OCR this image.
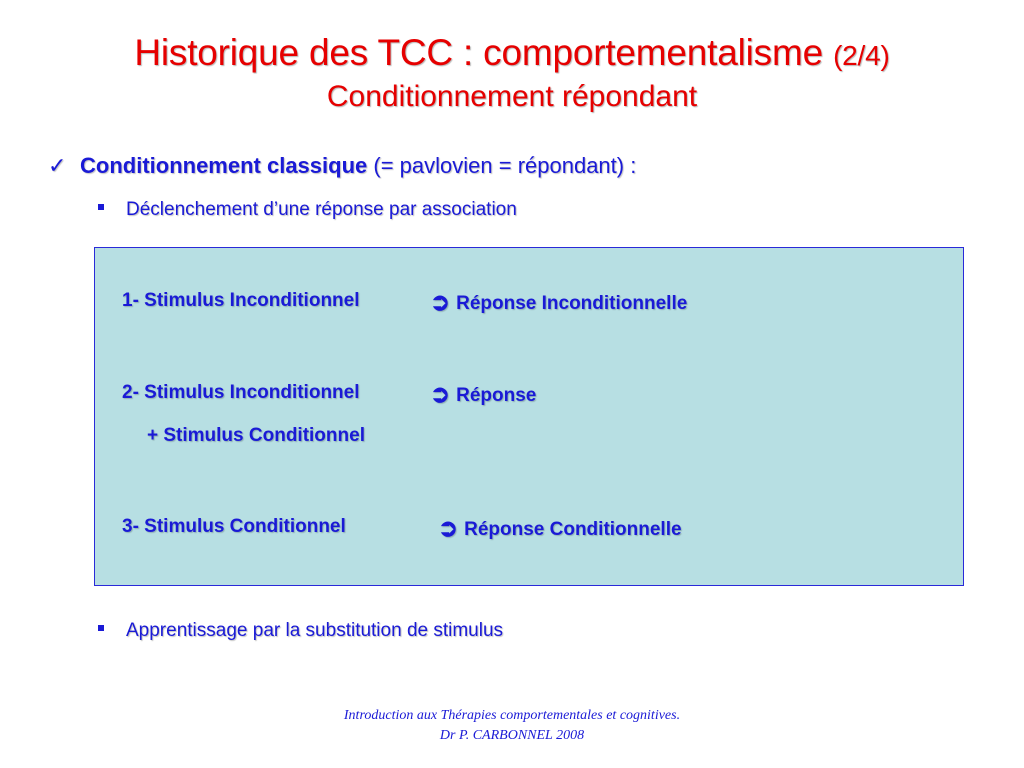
Historique des TCC : comportementalisme (2/4)
Conditionnement répondant
✓ Conditionnement classique (= pavlovien = répondant) :
Déclenchement d’une réponse par association
1- Stimulus Inconditionnel	➲ Réponse Inconditionnelle
2- Stimulus Inconditionnel	➲ Réponse
+ Stimulus Conditionnel
3- Stimulus Conditionnel	➲ Réponse Conditionnelle
Apprentissage par la substitution de stimulus
Introduction aux Thérapies comportementales et cognitives.
Dr P. CARBONNEL 2008
